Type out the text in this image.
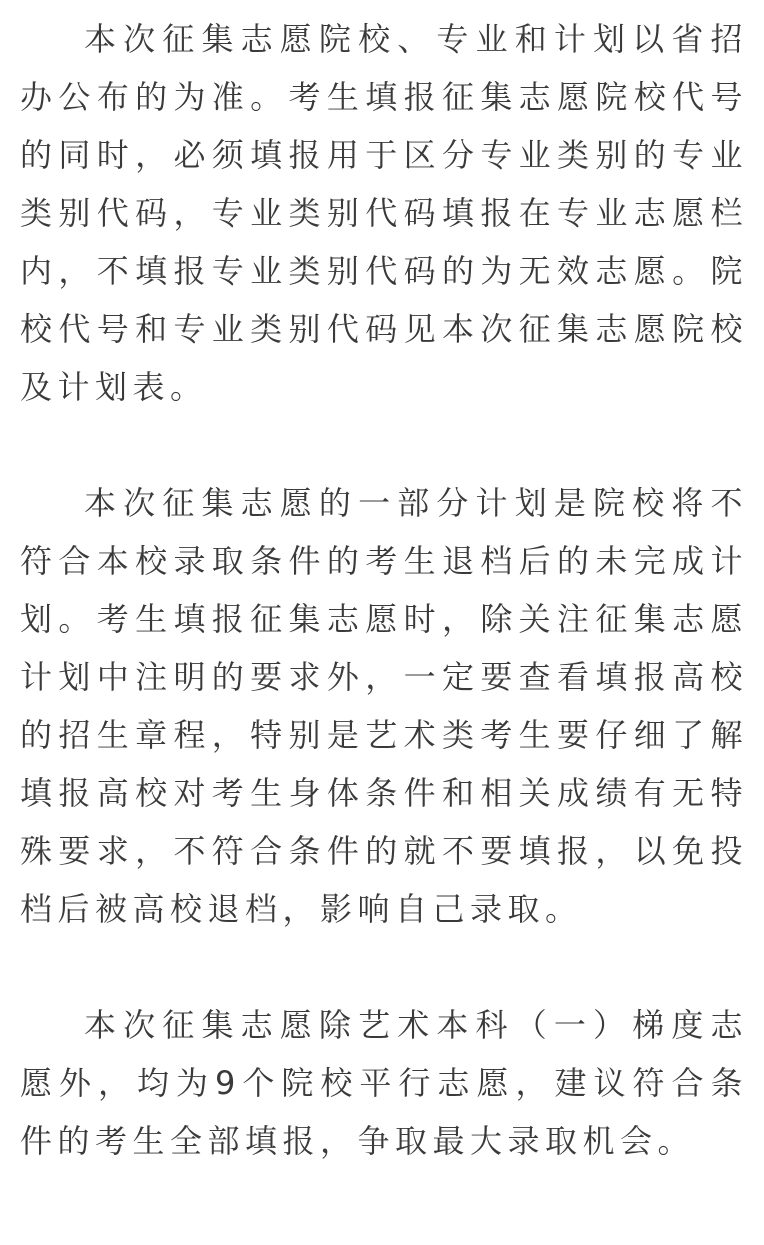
本次征集志愿院校、专业和计划以省招办公布的为准。考生填报征集志愿院校代号的同时，必须填报用于区分专业类别的专业类别代码，专业类别代码填报在专业志愿栏内，不填报专业类别代码的为无效志愿。院校代号和专业类别代码见本次征集志愿院校及计划表。

本次征集志愿的一部分计划是院校将不符合本校录取条件的考生退档后的未完成计划。考生填报征集志愿时，除关注征集志愿计划中注明的要求外，一定要查看填报高校的招生章程，特别是艺术类考生要仔细了解填报高校对考生身体条件和相关成绩有无特殊要求，不符合条件的就不要填报，以免投档后被高校退档，影响自己录取。

本次征集志愿除艺术本科（一）梯度志愿外，均为9个院校平行志愿，建议符合条件的考生全部填报，争取最大录取机会。
